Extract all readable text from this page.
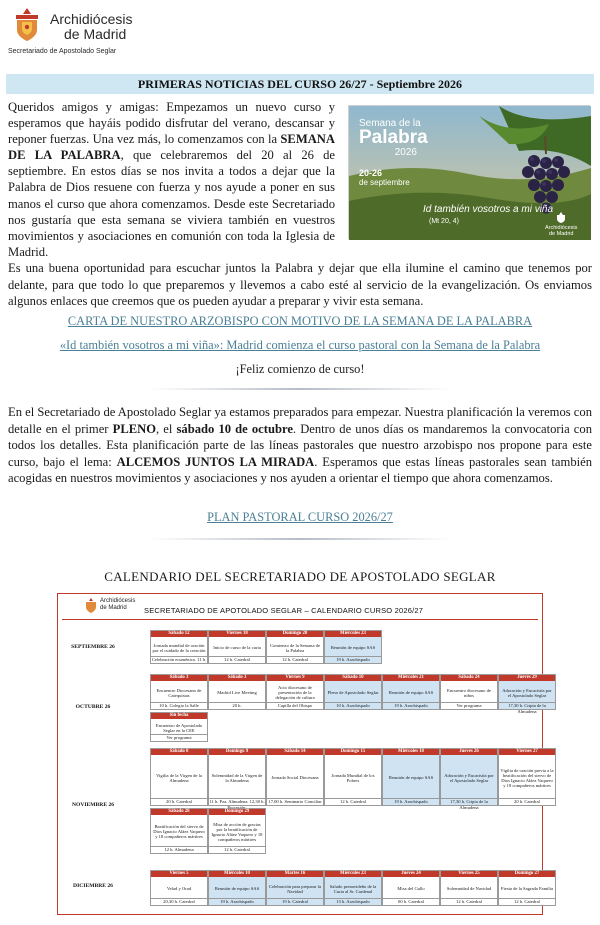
Archidiócesis
de Madrid
Secretariado de Apostolado Seglar
PRIMERAS NOTICIAS DEL CURSO 26/27 - Septiembre 2026
Queridos amigos y amigas: Empezamos un nuevo curso y esperamos que hayáis podido disfrutar del verano, descansar y reponer fuerzas. Una vez más, lo comenzamos con la SEMANA DE LA PALABRA, que celebraremos del 20 al 26 de septiembre. En estos días se nos invita a todos a dejar que la Palabra de Dios resuene con fuerza y nos ayude a poner en sus manos el curso que ahora comenzamos. Desde este Secretariado nos gustaría que esta semana se viviera también en vuestros movimientos y asociaciones en comunión con toda la Iglesia de Madrid.
Semana de la
Palabra
2026
20-26
de septiembre
Id también vosotros a mi viña
(Mt 20, 4)
Archidiócesis
de Madrid
Es una buena oportunidad para escuchar juntos la Palabra y dejar que ella ilumine el camino que tenemos por delante, para que todo lo que preparemos y llevemos a cabo esté al servicio de la evangelización. Os enviamos algunos enlaces que creemos que os pueden ayudar a preparar y vivir esta semana.
CARTA DE NUESTRO ARZOBISPO CON MOTIVO DE LA SEMANA DE LA PALABRA
«Id también vosotros a mi viña»: Madrid comienza el curso pastoral con la Semana de la Palabra
¡Feliz comienzo de curso!
En el Secretariado de Apostolado Seglar ya estamos preparados para empezar. Nuestra planificación la veremos con detalle en el primer PLENO, el sábado 10 de octubre. Dentro de unos días os mandaremos la convocatoria con todos los detalles. Esta planificación parte de las líneas pastorales que nuestro arzobispo nos propone para este curso, bajo el lema: ALCEMOS JUNTOS LA MIRADA. Esperamos que estas líneas pastorales sean también acogidas en nuestros movimientos y asociaciones y nos ayuden a orientar el tiempo que ahora comenzamos.
PLAN PASTORAL CURSO 2026/27
CALENDARIO DEL SECRETARIADO DE APOSTOLADO SEGLAR
Archidiócesis
de Madrid	SECRETARIADO DE APOTOLADO SEGLAR – CALENDARIO CURSO 2026/27
SEPTIEMBRE 26
OCTUBRE 26
NOVIEMBRE 26
DICIEMBRE 26
Sábado 12
Jornada mundial de oración por el cuidado de la creación
Celebración ecuménica. 11 h.
Viernes 18
Inicio de curso de la curia
12 h. Catedral
Domingo 20
Comienzo de la Semana de la Palabra
12 h. Catedral
Miércoles 23
Reunión de equipo SAS
19 h. Arzobispado
Sábado 3
Encuentro Diocesano de Catequistas
10 h. Colegio la Salle
Sábado 3
Madrid Live Meeting
20 h.
Viernes 9
Acto diocesano de presentación de la delegación de cultura
Capilla del Obispo
Sábado 10
Pleno de Apostolado Seglar
10 h. Arzobispado
Miércoles 21
Reunión de equipo SAS
19 h. Arzobispado
Sábado 24
Encuentro diocesano de niños
Ver programa
Jueves 29
Adoración y Eucaristía por el Apostolado Seglar
17,30 h. Cripta de la Almudena
Sin fecha
Encuentro de Apostolado Seglar en la CEE
Ver programa
Sábado 8
Vigilia de la Virgen de la Almudena
20 h. Catedral
Domingo 9
Solemnidad de la Virgen de la Almudena
11 h. Pza. Almudena. 12,30 h.
Sábado 14
Jornada Social Diocesana
17,00 h. Seminario Conciliar
Domingo 15
Jornada Mundial de los Pobres
12 h. Catedral
Miércoles 18
Reunión de equipo SAS
19 h. Arzobispado
Jueves 26
Adoración y Eucaristía por el Apostolado Seglar
17,30 h. Cripta de la Almudena
Viernes 27
Vigilia de oración previa a la beatificación del siervo de Dios Ignacio Aláez Vaquero y 18 compañeros mártires
20 h. Catedral
Sábado 28
Beatificación del siervo de Dios Ignacio Aláez Vaquero y 18 compañeros mártires
12 h. Almudena
Domingo 29
Misa de acción de gracias por la beatificación de Ignacio Aláez Vaquero y 18 compañeros mártires
12 h. Catedral
Viernes 5
Velad y Orad
20,30 h. Catedral
Miércoles 10
Reunión de equipo SAS
19 h. Arzobispado
Martes 16
Celebración para preparar la Navidad
19 h. Catedral
Miércoles 23
Saludo prenavideño de la Curia al Sr. Cardenal
13 h. Arzobispado
Jueves 24
Misa del Gallo
00 h. Catedral
Viernes 25
Solemnidad de Navidad
12 h. Catedral
Domingo 27
Fiesta de la Sagrada Familia
12 h. Catedral
